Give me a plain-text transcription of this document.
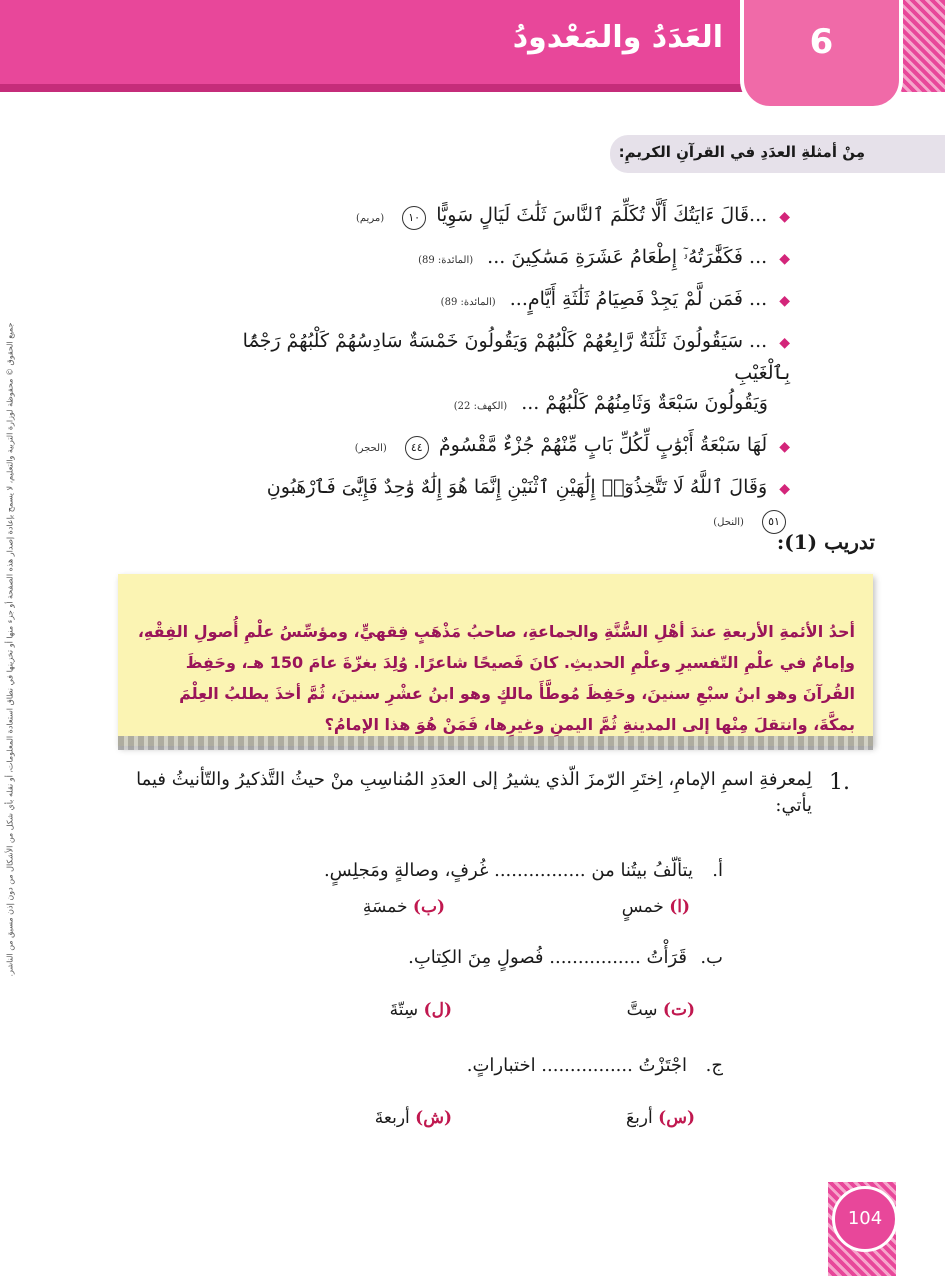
العَدَدُ والمَعْدودُ	6
مِنْ أمثلةِ العدَدِ في القرآنِ الكريمِ:
◆ ...قَالَ ءَايَتُكَ أَلَّا تُكَلِّمَ ٱلنَّاسَ ثَلَٰثَ لَيَالٍ سَوِيًّا ١٠ (مريم)
◆ ... فَكَفَّٰرَتُهُۥٓ إِطْعَامُ عَشَرَةِ مَسَٰكِينَ ... (المائدة: 89)
◆ ... فَمَن لَّمْ يَجِدْ فَصِيَامُ ثَلَٰثَةِ أَيَّامٍ... (المائدة: 89)
◆ ... سَيَقُولُونَ ثَلَٰثَةٌ رَّابِعُهُمْ كَلْبُهُمْ وَيَقُولُونَ خَمْسَةٌ سَادِسُهُمْ كَلْبُهُمْ رَجْمًۢا بِٱلْغَيْبِ
وَيَقُولُونَ سَبْعَةٌ وَثَامِنُهُمْ كَلْبُهُمْ ... (الكهف: 22)
◆ لَهَا سَبْعَةُ أَبْوَٰبٍ لِّكُلِّ بَابٍ مِّنْهُمْ جُزْءٌ مَّقْسُومٌ ٤٤ (الحجر)
◆ وَقَالَ ٱللَّهُ لَا تَتَّخِذُوٓا۟ إِلَٰهَيْنِ ٱثْنَيْنِ إِنَّمَا هُوَ إِلَٰهٌ وَٰحِدٌ فَإِيَّٰىَ فَٱرْهَبُونِ ٥١ (النحل)
جميع الحقوق © محفوظة لوزارة التربية والتعليم، لا يسمح بإعادة إصدار هذه الصفحة أو جزء منها أو تخزينها في نطاق استعادة المعلومات، أو نقله بأي شكل من الأشكال من دون إذن مسبق من الناشر.	تدريب (1):
أحدُ الأئمةِ الأربعةِ عندَ أهْلِ السُّنَّةِ والجماعةِ، صاحبُ مَذْهَبٍ فِقهيٍّ، ومؤسِّسُ علْمِ أُصولِ الفِقْهِ، وإمامٌ في علْمِ التّفسيرِ وعلْمِ الحديثِ. كانَ فَصيحًا شاعرًا. وُلِدَ بغزّةَ عامَ 150 هـ، وحَفِظَ القُرآنَ وهو ابنُ سبْعِ سنينَ، وحَفِظَ مُوطَّأَ مالكٍ وهو ابنُ عشْرِ سنينَ، ثُمَّ أخذَ يطلبُ العِلْمَ بمكَّةَ، وانتقلَ مِنْها إلى المدينةِ ثُمَّ اليمنِ وغيرِها، فَمَنْ هُوَ هذا الإمامُ؟
1.
لِمعرفةِ اسمِ الإمامِ، اِختَرِ الرّمزَ الّذي يشيرُ إلى العدَدِ المُناسِبِ منْ حيثُ التَّذكيرُ والتّأنيثُ فيما يأتي:
أ.
يتألّفُ بيتُنا من ................ غُرفٍ، وصالةٍ ومَجلِسٍ.
(ا) خمسٍ
(ب) خمسَةِ
ب.
قَرَأْتُ ................ فُصولٍ مِنَ الكِتابِ.
(ت) سِتَّ
(ل) سِتّةَ
ج.
اجْتَزْتُ ................ اختباراتٍ.
(س) أربعَ
(ش) أربعةَ
104
